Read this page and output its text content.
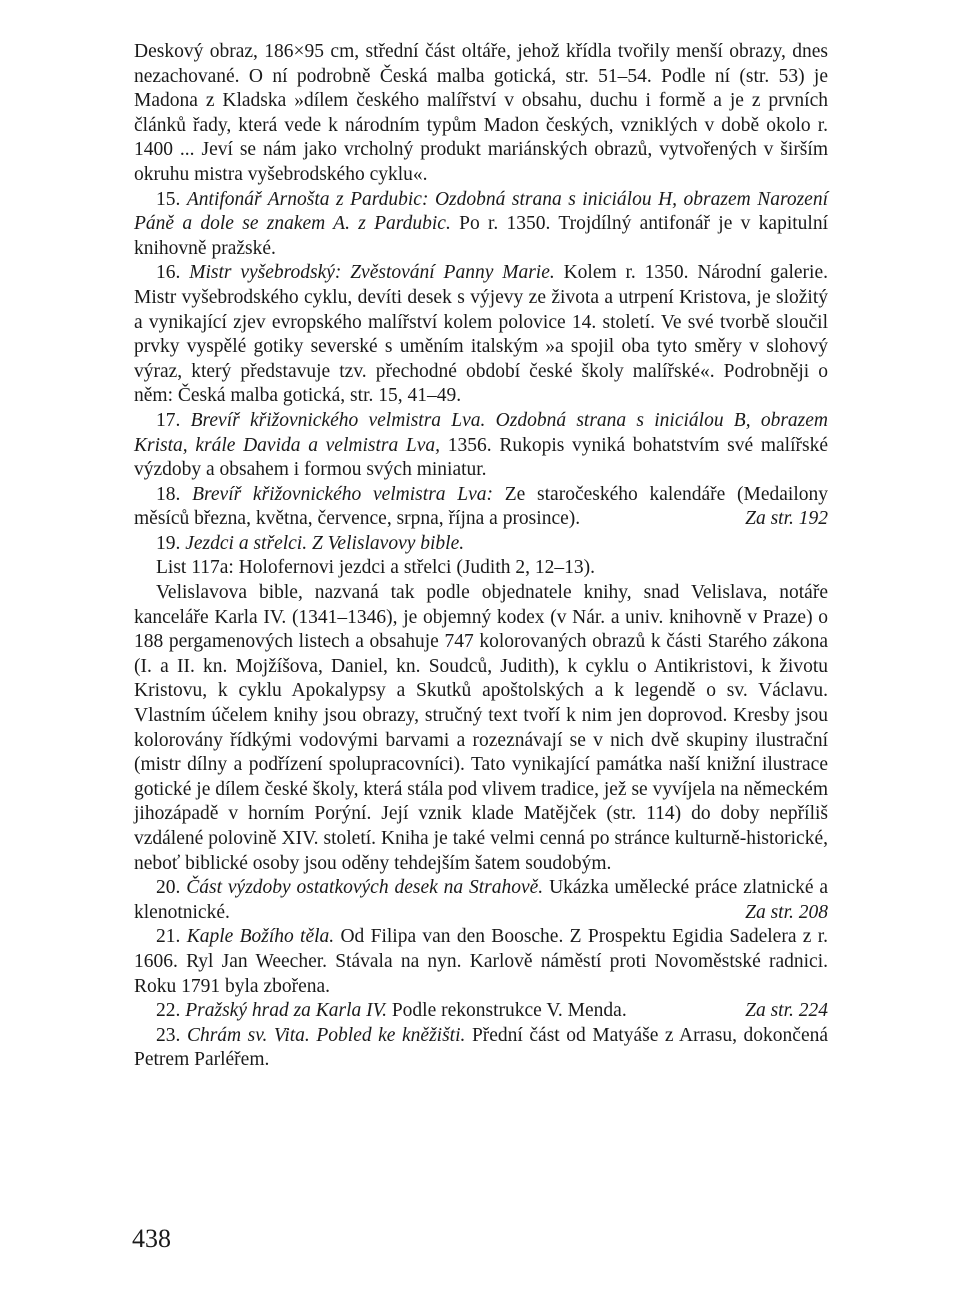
Deskový obraz, 186×95 cm, střední část oltáře, jehož křídla tvořily menší obrazy, dnes nezachované. O ní podrobně Česká malba gotická, str. 51–54. Podle ní (str. 53) je Madona z Kladska »dílem českého malířství v obsahu, duchu i formě a je z prvních článků řady, která vede k národním typům Madon českých, vzniklých v době okolo r. 1400 ... Jeví se nám jako vrcholný produkt mariánských obrazů, vytvořených v širším okruhu mistra vyšebrodského cyklu«.

15. Antifonář Arnošta z Pardubic: Ozdobná strana s iniciálou H, obrazem Narození Páně a dole se znakem A. z Pardubic. Po r. 1350. Trojdílný antifonář je v kapitulní knihovně pražské.

16. Mistr vyšebrodský: Zvěstování Panny Marie. Kolem r. 1350. Národní galerie. Mistr vyšebrodského cyklu, devíti desek s výjevy ze života a utrpení Kristova, je složitý a vynikající zjev evropského malířství kolem polovice 14. století. Ve své tvorbě sloučil prvky vyspělé gotiky severské s uměním italským »a spojil oba tyto směry v slohový výraz, který představuje tzv. přechodné období české školy malířské«. Podrobněji o něm: Česká malba gotická, str. 15, 41–49.

17. Brevíř křižovnického velmistra Lva. Ozdobná strana s iniciálou B, obrazem Krista, krále Davida a velmistra Lva, 1356. Rukopis vyniká bohatstvím své malířské výzdoby a obsahem i formou svých miniatur.

18. Brevíř křižovnického velmistra Lva: Ze staročeského kalendáře (Medailony měsíců března, května, července, srpna, října a prosince).	Za str. 192

19. Jezdci a střelci. Z Velislavovy bible.

List 117a: Holofernovi jezdci a střelci (Judith 2, 12–13).

Velislavova bible, nazvaná tak podle objednatele knihy, snad Velislava, notáře kanceláře Karla IV. (1341–1346), je objemný kodex (v Nár. a univ. knihovně v Praze) o 188 pergamenových listech a obsahuje 747 kolorovaných obrazů k části Starého zákona (I. a II. kn. Mojžíšova, Daniel, kn. Soudců, Judith), k cyklu o Antikristovi, k životu Kristovu, k cyklu Apokalypsy a Skutků apoštolských a k legendě o sv. Václavu. Vlastním účelem knihy jsou obrazy, stručný text tvoří k nim jen doprovod. Kresby jsou kolorovány řídkými vodovými barvami a rozeznávají se v nich dvě skupiny ilustrační (mistr dílny a podřízení spolupracovníci). Tato vynikající památka naší knižní ilustrace gotické je dílem české školy, která stála pod vlivem tradice, jež se vyvíjela na německém jihozápadě v horním Porýní. Její vznik klade Matějček (str. 114) do doby nepříliš vzdálené polovině XIV. století. Kniha je také velmi cenná po stránce kulturně-historické, neboť biblické osoby jsou oděny tehdejším šatem soudobým.

20. Část výzdoby ostatkových desek na Strahově. Ukázka umělecké práce zlatnické a klenotnické.	Za str. 208

21. Kaple Božího těla. Od Filipa van den Boosche. Z Prospektu Egidia Sadelera z r. 1606. Ryl Jan Weecher. Stávala na nyn. Karlově náměstí proti Novoměstské radnici. Roku 1791 byla zbořena.

22. Pražský hrad za Karla IV. Podle rekonstrukce V. Menda.	Za str. 224

23. Chrám sv. Vita. Pobled ke kněžišti. Přední část od Matyáše z Arrasu, dokončená Petrem Parléřem.

438
